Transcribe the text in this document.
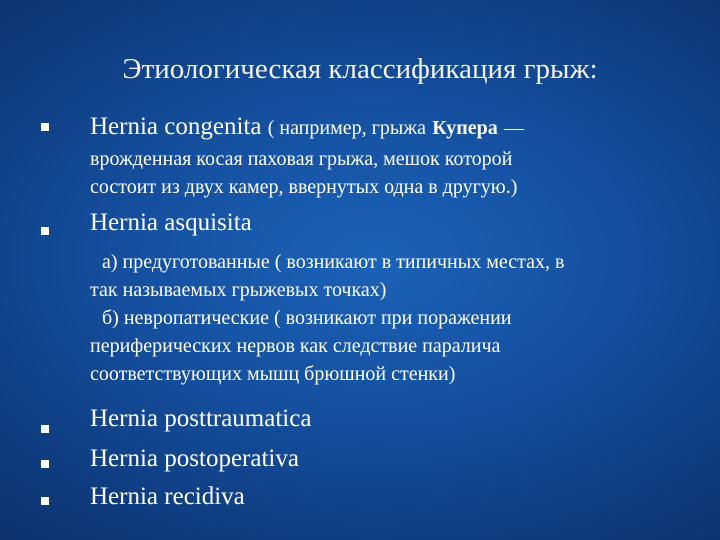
Этиологическая классификация грыж:
Hernia congenita ( например, грыжа Купера —
врожденная косая паховая грыжа, мешок которой
состоит из двух камер, ввернутых одна в другую.)
Hernia asquisita
а) предуготованные ( возникают в типичных местах, в
так называемых грыжевых точках)
б) невропатические ( возникают при поражении
периферических нервов как следствие паралича
соответствующих мышц брюшной стенки)
Hernia posttraumatica
Hernia postoperativa
Hernia recidiva
